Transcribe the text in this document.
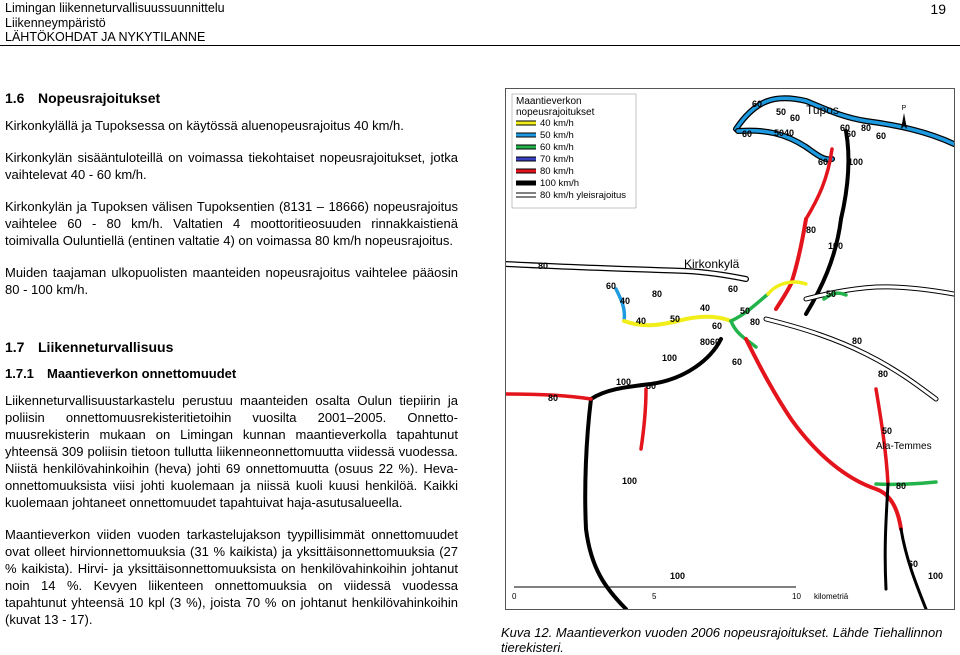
Limingan liikenneturvallisuussuunnittelu
Liikenneympäristö
LÄHTÖKOHDAT JA NYKYTILANNE
19
1.6 Nopeusrajoitukset

Kirkonkylällä ja Tupoksessa on käytössä aluenopeusrajoitus 40 km/h.

Kirkonkylän sisääntuloteillä on voimassa tiekohtaiset nopeusrajoitukset, jotka vaihtelevat 40 - 60 km/h.

Kirkonkylän ja Tupoksen välisen Tupoksentien (8131 – 18666) nopeusrajoitus vaihtelee 60 - 80 km/h. Valtatien 4 moottoritieosuuden rinnakkaistienä toimivalla Ouluntiellä (entinen valtatie 4) on voimassa 80 km/h nopeusrajoitus.

Muiden taajaman ulkopuolisten maanteiden nopeusrajoitus vaihtelee pääosin 80 - 100 km/h.

1.7 Liikenneturvallisuus
1.7.1 Maantieverkon onnettomuudet

Liikenneturvallisuustarkastelu perustuu maanteiden osalta Oulun tiepiirin ja poliisin onnettomuusrekisteritietoihin vuosilta 2001–2005. Onnettomuusrekisterin mukaan on Limingan kunnan maantieverkolla tapahtunut yhteensä 309 poliisin tietoon tullutta liikenneonnettomuutta viidessä vuodessa. Niistä henkilövahinkoihin (heva) johti 69 onnettomuutta (osuus 22 %). Heva-onnettomuuksista viisi johti kuolemaan ja niissä kuoli kuusi henkilöä. Kaikki kuolemaan johtaneet onnettomuudet tapahtuivat haja-asutusalueella.

Maantieverkon viiden vuoden tarkastelujakson tyypillisimmät onnettomuudet ovat olleet hirvionnettomuuksia (31 % kaikista) ja yksittäisonnettomuuksia (27 % kaikista). Hirvi- ja yksittäisonnettomuuksista on henkilövahinkoihin johtanut noin 14 %. Kevyen liikenteen onnettomuuksia on viidessä vuodessa tapahtunut yhteensä 10 kpl (3 %), joista 70 % on johtanut henkilövahinkoihin (kuvat 13 - 17).

Maantieverkon
nopeusrajoitukset
40 km/h
50 km/h
60 km/h
70 km/h
80 km/h
100 km/h
80 km/h yleisrajoitus
P
Tupos
Kirkonkylä
Ala-Temmes
60
50
60
60 5040	60 80
60 60
60 100
80
100
80
60
40
80
40	50
40
60
50
60	80
80
50
8060
60
100
100 80
80
80
50
100	80
60
100
100
0	5	10 kilometriä
Kuva 12. Maantieverkon vuoden 2006 nopeusrajoitukset. Lähde Tiehallinnon tierekisteri.
